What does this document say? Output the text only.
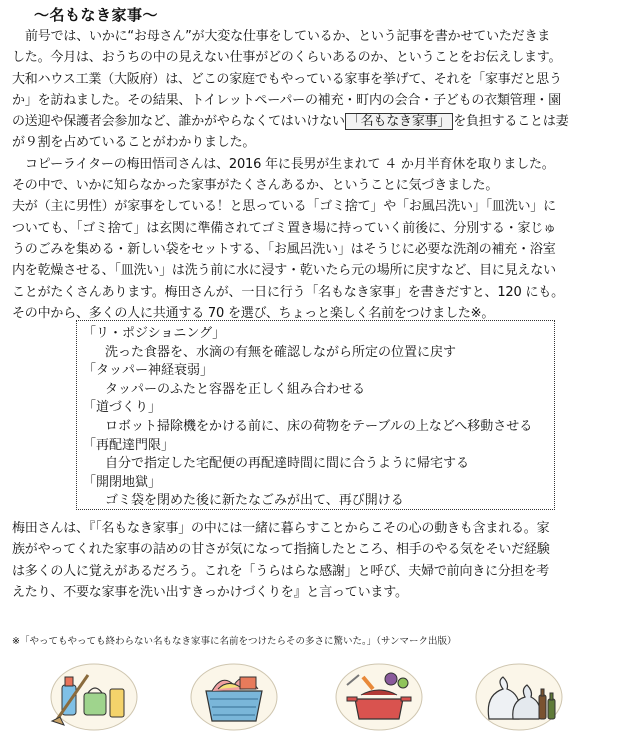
～名もなき家事～
前号では、いかに“お母さん”が大変な仕事をしているか、という記事を書かせていただきま
した。今月は、おうちの中の見えない仕事がどのくらいあるのか、ということをお伝えします。
大和ハウス工業（大阪府）は、どこの家庭でもやっている家事を挙げて、それを「家事だと思う
か」を訪ねました。その結果、トイレットペーパーの補充・町内の会合・子どもの衣類管理・園
の送迎や保護者会参加など、誰かがやらなくてはいけない 「名もなき家事」 を負担することは妻
が９割を占めていることがわかりました。
コピーライターの梅田悟司さんは、2016 年に長男が生まれて ４ か月半育休を取りました。
その中で、いかに知らなかった家事がたくさんあるか、ということに気づきました。
夫が（主に男性）が家事をしている！と思っている「ゴミ捨て」や「お風呂洗い」「皿洗い」に
ついても、「ゴミ捨て」は玄関に準備されてゴミ置き場に持っていく前後に、分別する・家じゅ
うのごみを集める・新しい袋をセットする、「お風呂洗い」はそうじに必要な洗剤の補充・浴室
内を乾燥させる、「皿洗い」は洗う前に水に浸す・乾いたら元の場所に戻すなど、目に見えない
ことがたくさんあります。梅田さんが、一日に行う「名もなき家事」を書きだすと、120 にも。
その中から、多くの人に共通する 70 を選び、ちょっと楽しく名前をつけました※。
「リ・ポジショニング」
洗った食器を、水滴の有無を確認しながら所定の位置に戻す
「タッパー神経衰弱」
タッパーのふたと容器を正しく組み合わせる
「道づくり」
ロボット掃除機をかける前に、床の荷物をテーブルの上などへ移動させる
「再配達門限」
自分で指定した宅配便の再配達時間に間に合うように帰宅する
「開閉地獄」
ゴミ袋を閉めた後に新たなごみが出て、再び開ける
梅田さんは、『「名もなき家事」の中には一緒に暮らすことからこその心の動きも含まれる。家
族がやってくれた家事の詰めの甘さが気になって指摘したところ、相手のやる気をそいだ経験
は多くの人に覚えがあるだろう。これを「うらはらな感謝」と呼び、夫婦で前向きに分担を考
えたり、不要な家事を洗い出すきっかけづくりを』と言っています。
※「やってもやっても終わらない名もなき家事に名前をつけたらその多さに驚いた。」（サンマーク出版）
